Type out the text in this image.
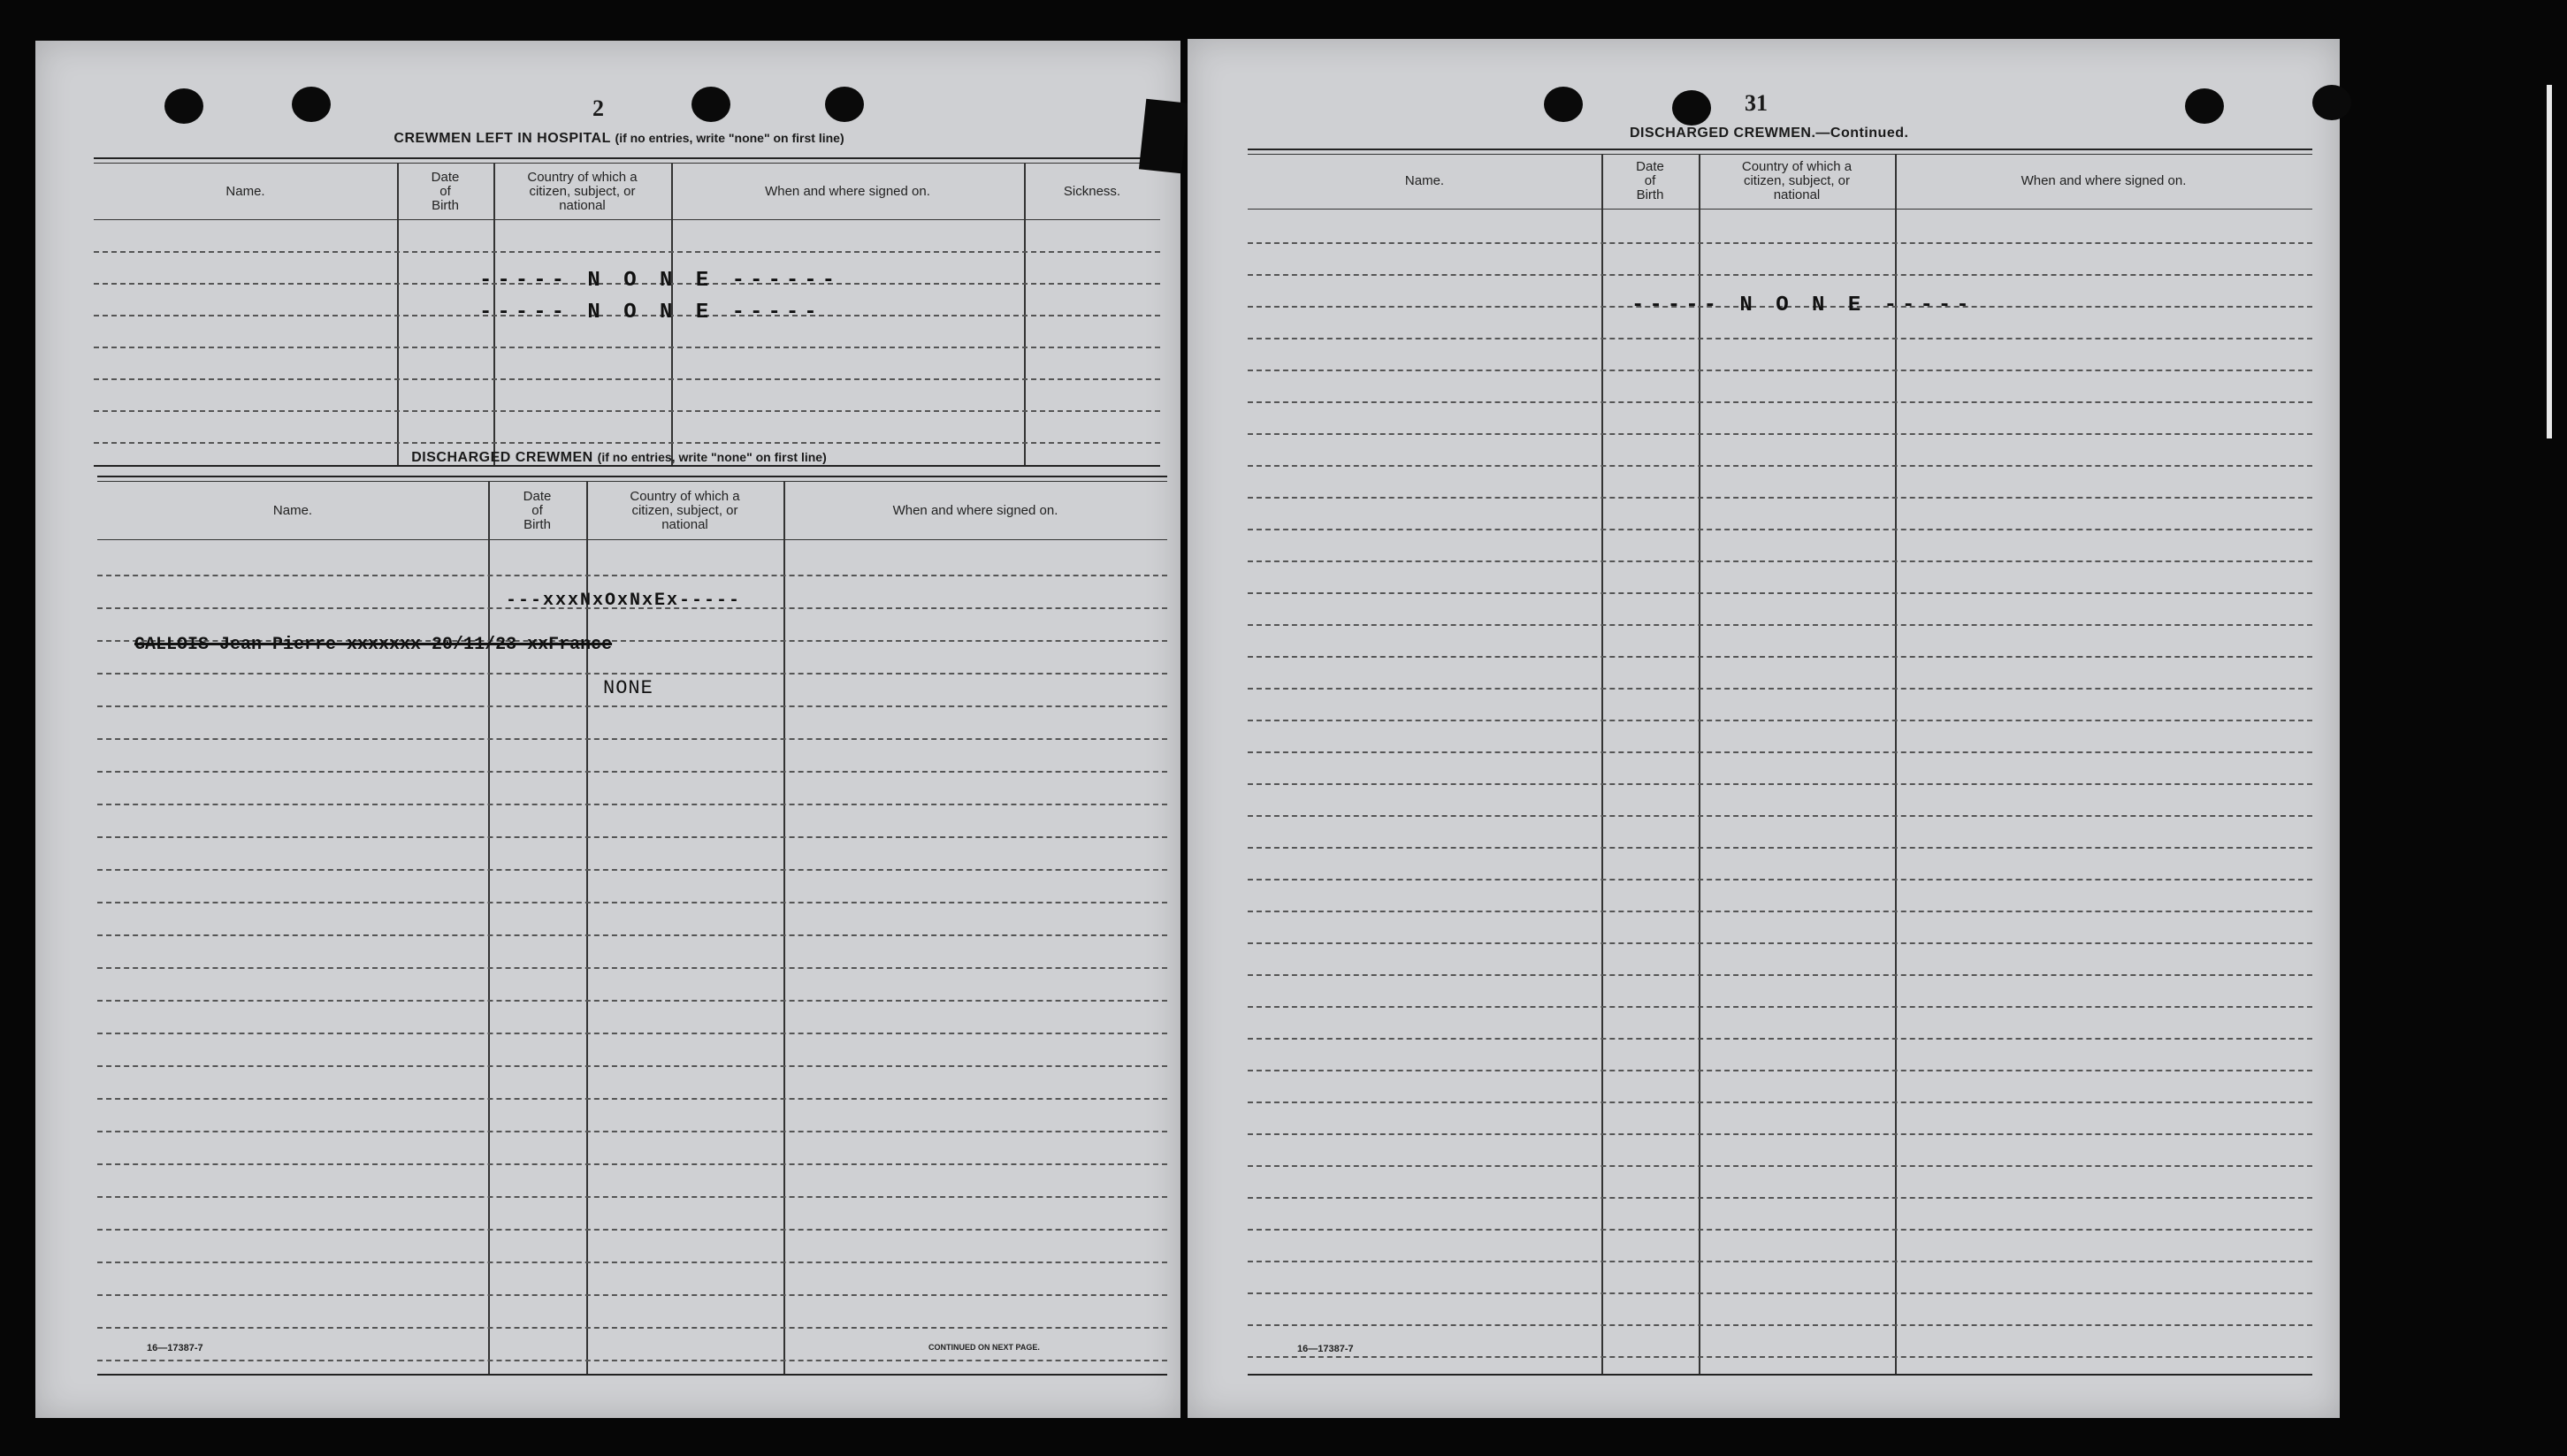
2
CREWMEN LEFT IN HOSPITAL (if no entries, write "none" on first line)
Name.
Date
of
Birth
Country of which a
citizen, subject, or
national
When and where signed on.	Sickness.
----- N O N E ------
----- N O N E -----
DISCHARGED CREWMEN (if no entries, write "none" on first line)
Name.
Date
of
Birth
Country of which a
citizen, subject, or
national
When and where signed on.
---xxxNxOxNxEx-----
GALLOIS Jean-Pierre xxxxxxx 20/11/23 xxFrance
NONE
16—17387-7	CONTINUED ON NEXT PAGE.
31
DISCHARGED CREWMEN.—Continued.
Name.
Date
of
Birth
Country of which a
citizen, subject, or
national
When and where signed on.
----- N O N E -----
16—17387-7
